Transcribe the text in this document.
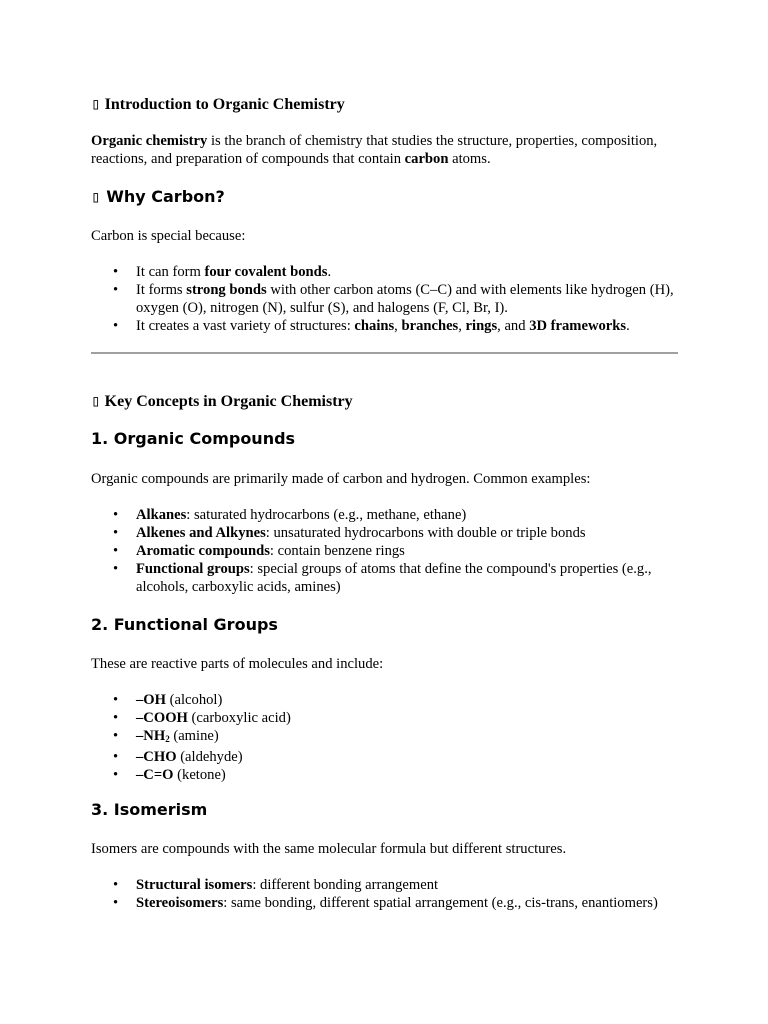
▯ Introduction to Organic Chemistry
Organic chemistry is the branch of chemistry that studies the structure, properties, composition, reactions, and preparation of compounds that contain carbon atoms.
▯ Why Carbon?
Carbon is special because:
• It can form four covalent bonds.
• It forms strong bonds with other carbon atoms (C–C) and with elements like hydrogen (H), oxygen (O), nitrogen (N), sulfur (S), and halogens (F, Cl, Br, I).
• It creates a vast variety of structures: chains, branches, rings, and 3D frameworks.
▯ Key Concepts in Organic Chemistry
1. Organic Compounds
Organic compounds are primarily made of carbon and hydrogen. Common examples:
• Alkanes: saturated hydrocarbons (e.g., methane, ethane)
• Alkenes and Alkynes: unsaturated hydrocarbons with double or triple bonds
• Aromatic compounds: contain benzene rings
• Functional groups: special groups of atoms that define the compound's properties (e.g., alcohols, carboxylic acids, amines)
2. Functional Groups
These are reactive parts of molecules and include:
• –OH (alcohol)
• –COOH (carboxylic acid)
• $-NH_2$ (amine)
• –CHO (aldehyde)
• –C=O (ketone)
3. Isomerism
Isomers are compounds with the same molecular formula but different structures.
• Structural isomers: different bonding arrangement
• Stereoisomers: same bonding, different spatial arrangement (e.g., cis-trans, enantiomers)
